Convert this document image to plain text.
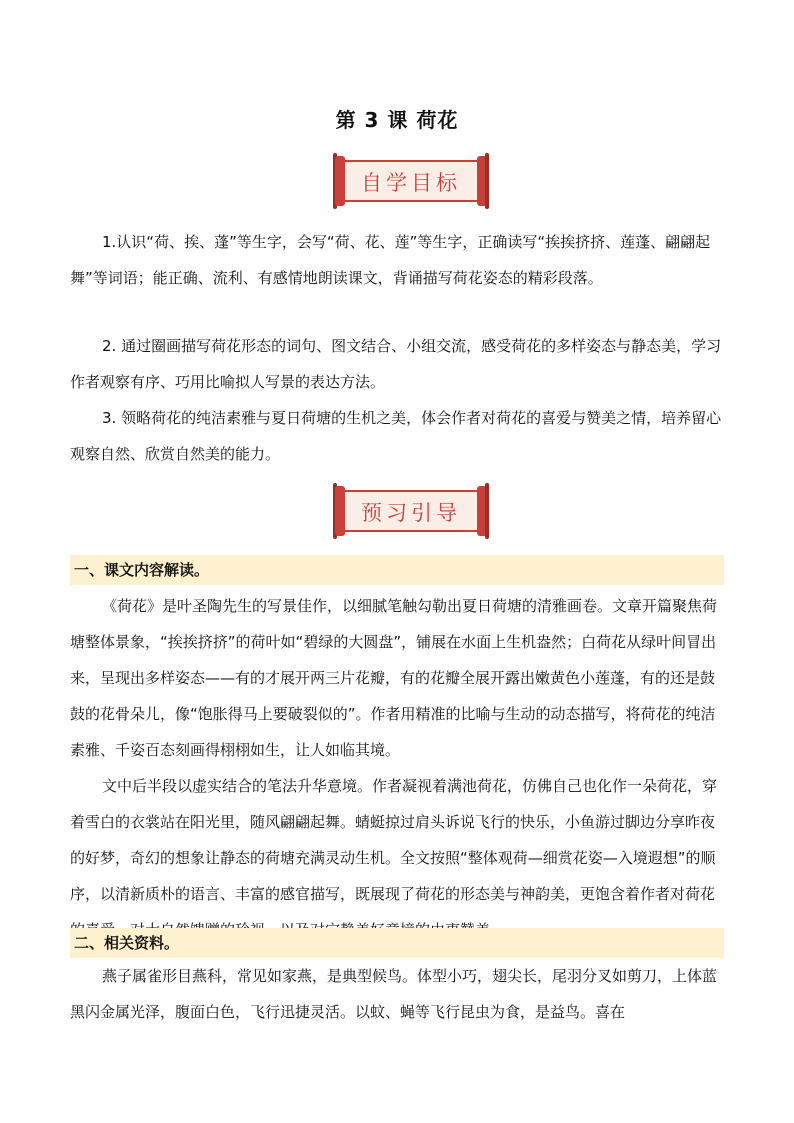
第 3 课 荷花
自学目标

1.认识“荷、挨、蓬”等生字，会写“荷、花、莲”等生字，正确读写“挨挨挤挤、莲蓬、翩翩起舞”等词语；能正确、流利、有感情地朗读课文，背诵描写荷花姿态的精彩段落。

2. 通过圈画描写荷花形态的词句、图文结合、小组交流，感受荷花的多样姿态与静态美，学习作者观察有序、巧用比喻拟人写景的表达方法。

3. 领略荷花的纯洁素雅与夏日荷塘的生机之美，体会作者对荷花的喜爱与赞美之情，培养留心观察自然、欣赏自然美的能力。

预习引导
一、课文内容解读。

《荷花》是叶圣陶先生的写景佳作，以细腻笔触勾勒出夏日荷塘的清雅画卷。文章开篇聚焦荷塘整体景象，“挨挨挤挤”的荷叶如“碧绿的大圆盘”，铺展在水面上生机盎然；白荷花从绿叶间冒出来，呈现出多样姿态——有的才展开两三片花瓣，有的花瓣全展开露出嫩黄色小莲蓬，有的还是鼓鼓的花骨朵儿，像“饱胀得马上要破裂似的”。作者用精准的比喻与生动的动态描写，将荷花的纯洁素雅、千姿百态刻画得栩栩如生，让人如临其境。

文中后半段以虚实结合的笔法升华意境。作者凝视着满池荷花，仿佛自己也化作一朵荷花，穿着雪白的衣裳站在阳光里，随风翩翩起舞。蜻蜓掠过肩头诉说飞行的快乐，小鱼游过脚边分享昨夜的好梦，奇幻的想象让静态的荷塘充满灵动生机。全文按照“整体观荷—细赏花姿—入境遐想”的顺序，以清新质朴的语言、丰富的感官描写，既展现了荷花的形态美与神韵美，更饱含着作者对荷花

二、相关资料。

燕子属雀形目燕科，常见如家燕，是典型候鸟。体型小巧，翅尖长，尾羽分叉如剪刀，上体蓝黑闪金属光泽，腹面白色，飞行迅捷灵活。以蚊、蝇等飞行昆虫为食，是益鸟。喜在
